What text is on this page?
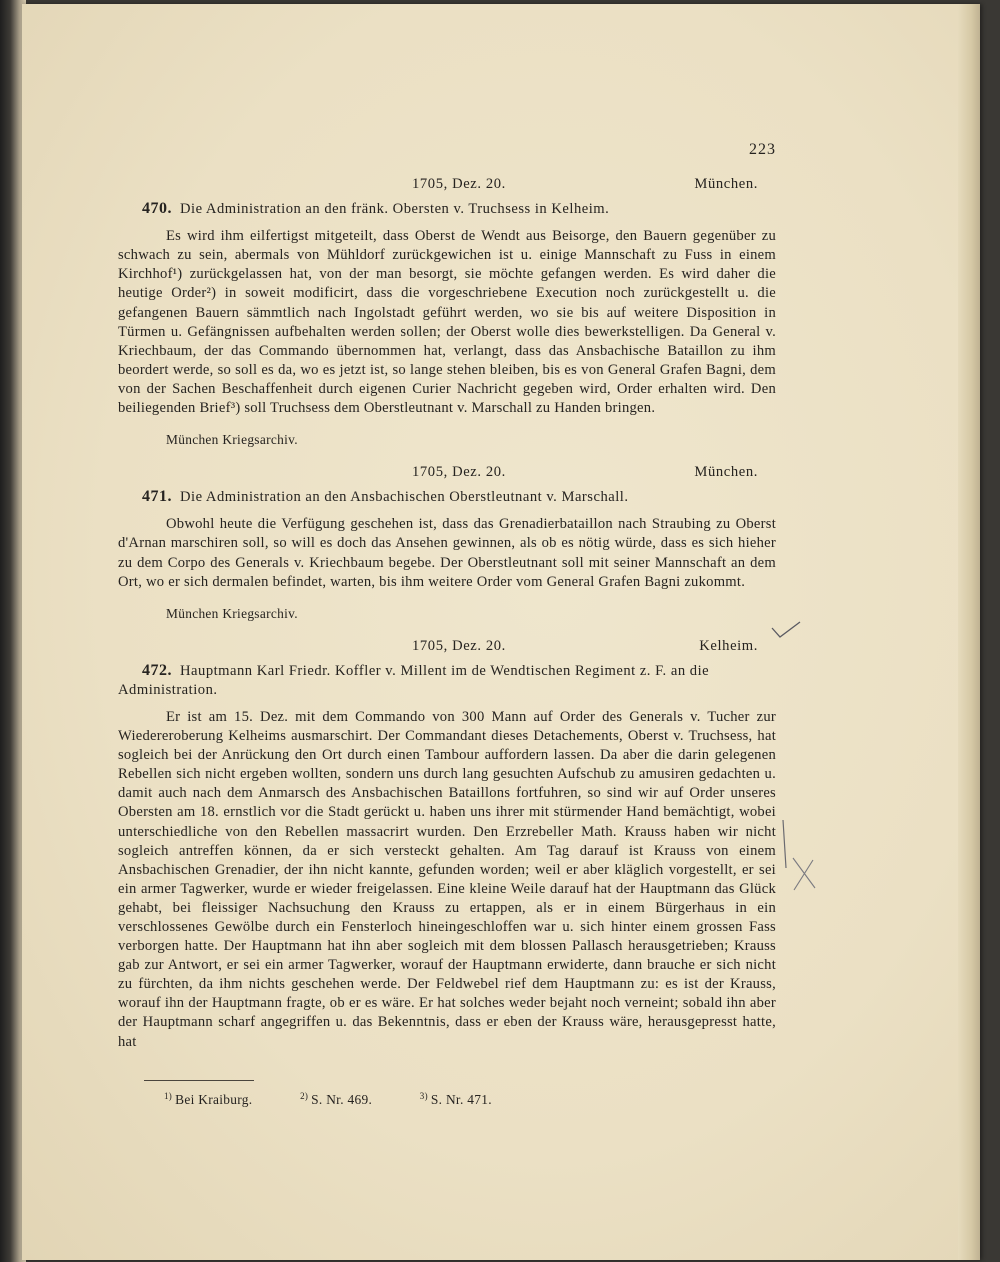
223
1705, Dez. 20.	München.
470. Die Administration an den fränk. Obersten v. Truchsess in Kelheim.

Es wird ihm eilfertigst mitgeteilt, dass Oberst de Wendt aus Beisorge, den Bauern gegenüber zu schwach zu sein, abermals von Mühldorf zurückgewichen ist u. einige Mannschaft zu Fuss in einem Kirchhof¹) zurückgelassen hat, von der man besorgt, sie möchte gefangen werden. Es wird daher die heutige Order²) in soweit modificirt, dass die vorgeschriebene Execution noch zurückgestellt u. die gefangenen Bauern sämmtlich nach Ingolstadt geführt werden, wo sie bis auf weitere Disposition in Türmen u. Gefängnissen aufbehalten werden sollen; der Oberst wolle dies bewerkstelligen. Da General v. Kriechbaum, der das Commando übernommen hat, verlangt, dass das Ansbachische Bataillon zu ihm beordert werde, so soll es da, wo es jetzt ist, so lange stehen bleiben, bis es von General Grafen Bagni, dem von der Sachen Beschaffenheit durch eigenen Curier Nachricht gegeben wird, Order erhalten wird. Den beiliegenden Brief³) soll Truchsess dem Oberstleutnant v. Marschall zu Handen bringen.

München Kriegsarchiv.
1705, Dez. 20.	München.
471. Die Administration an den Ansbachischen Oberstleutnant v. Marschall.

Obwohl heute die Verfügung geschehen ist, dass das Grenadierbataillon nach Straubing zu Oberst d'Arnan marschiren soll, so will es doch das Ansehen gewinnen, als ob es nötig würde, dass es sich hieher zu dem Corpo des Generals v. Kriechbaum begebe. Der Oberstleutnant soll mit seiner Mannschaft an dem Ort, wo er sich dermalen befindet, warten, bis ihm weitere Order vom General Grafen Bagni zukommt.

München Kriegsarchiv.
1705, Dez. 20.	Kelheim.
472. Hauptmann Karl Friedr. Koffler v. Millent im de Wendtischen Regiment z. F. an die Administration.

Er ist am 15. Dez. mit dem Commando von 300 Mann auf Order des Generals v. Tucher zur Wiedereroberung Kelheims ausmarschirt. Der Commandant dieses Detachements, Oberst v. Truchsess, hat sogleich bei der Anrückung den Ort durch einen Tambour auffordern lassen. Da aber die darin gelegenen Rebellen sich nicht ergeben wollten, sondern uns durch lang gesuchten Aufschub zu amusiren gedachten u. damit auch nach dem Anmarsch des Ansbachischen Bataillons fortfuhren, so sind wir auf Order unseres Obersten am 18. ernstlich vor die Stadt gerückt u. haben uns ihrer mit stürmender Hand bemächtigt, wobei unterschiedliche von den Rebellen massacrirt wurden. Den Erzrebeller Math. Krauss haben wir nicht sogleich antreffen können, da er sich versteckt gehalten. Am Tag darauf ist Krauss von einem Ansbachischen Grenadier, der ihn nicht kannte, gefunden worden; weil er aber kläglich vorgestellt, er sei ein armer Tagwerker, wurde er wieder freigelassen. Eine kleine Weile darauf hat der Hauptmann das Glück gehabt, bei fleissiger Nachsuchung den Krauss zu ertappen, als er in einem Bürgerhaus in ein verschlossenes Gewölbe durch ein Fensterloch hineingeschloffen war u. sich hinter einem grossen Fass verborgen hatte. Der Hauptmann hat ihn aber sogleich mit dem blossen Pallasch herausgetrieben; Krauss gab zur Antwort, er sei ein armer Tagwerker, worauf der Hauptmann erwiderte, dann brauche er sich nicht zu fürchten, da ihm nichts geschehen werde. Der Feldwebel rief dem Hauptmann zu: es ist der Krauss, worauf ihn der Hauptmann fragte, ob er es wäre. Er hat solches weder bejaht noch verneint; sobald ihn aber der Hauptmann scharf angegriffen u. das Bekenntnis, dass er eben der Krauss wäre, herausgepresst hatte, hat

$^{1)}$ Bei Kraiburg.	$^{2)}$ S. Nr. 469.	$^{3)}$ S. Nr. 471.
